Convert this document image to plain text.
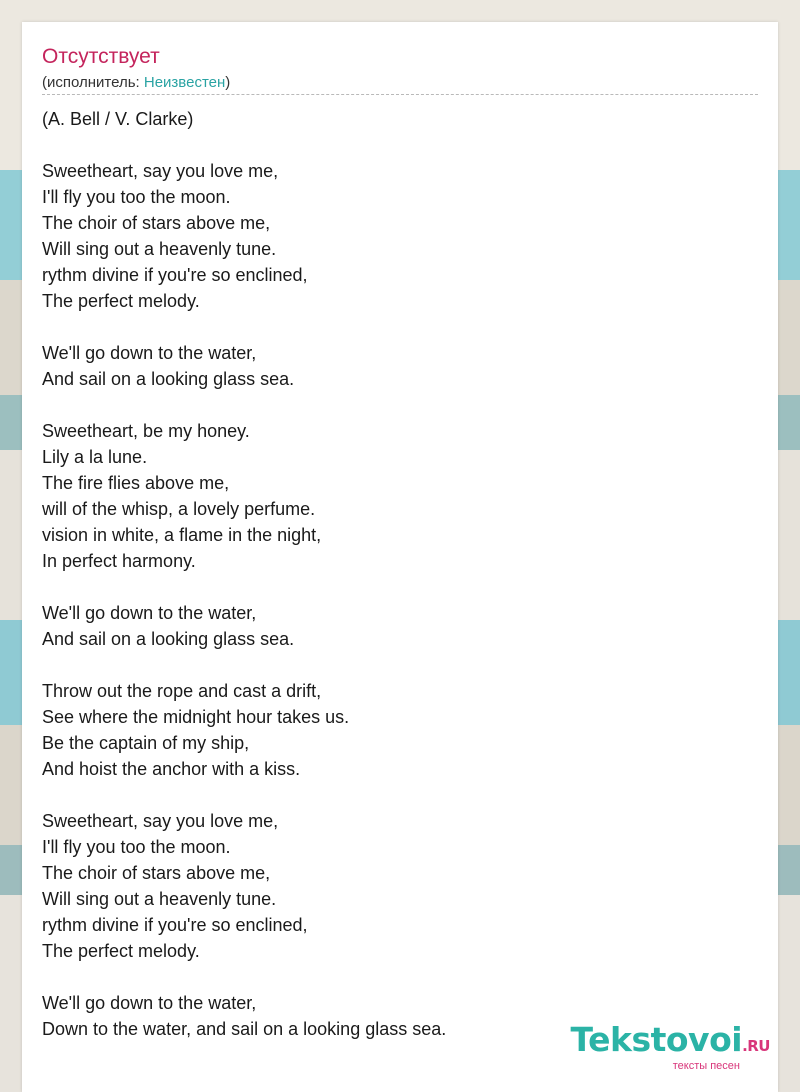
Отсутствует
(исполнитель: Неизвестен)
(A. Bell / V. Clarke)
Sweetheart, say you love me,
I'll fly you too the moon.
The choir of stars above me,
Will sing out a heavenly tune.
rythm divine if you're so enclined,
The perfect melody.
We'll go down to the water,
And sail on a looking glass sea.
Sweetheart, be my honey.
Lily a la lune.
The fire flies above me,
will of the whisp, a lovely perfume.
vision in white, a flame in the night,
In perfect harmony.
We'll go down to the water,
And sail on a looking glass sea.
Throw out the rope and cast a drift,
See where the midnight hour takes us.
Be the captain of my ship,
And hoist the anchor with a kiss.
Sweetheart, say you love me,
I'll fly you too the moon.
The choir of stars above me,
Will sing out a heavenly tune.
rythm divine if you're so enclined,
The perfect melody.
We'll go down to the water,
Down to the water, and sail on a looking glass sea.	Tekstovoi.RU
тексты песен
